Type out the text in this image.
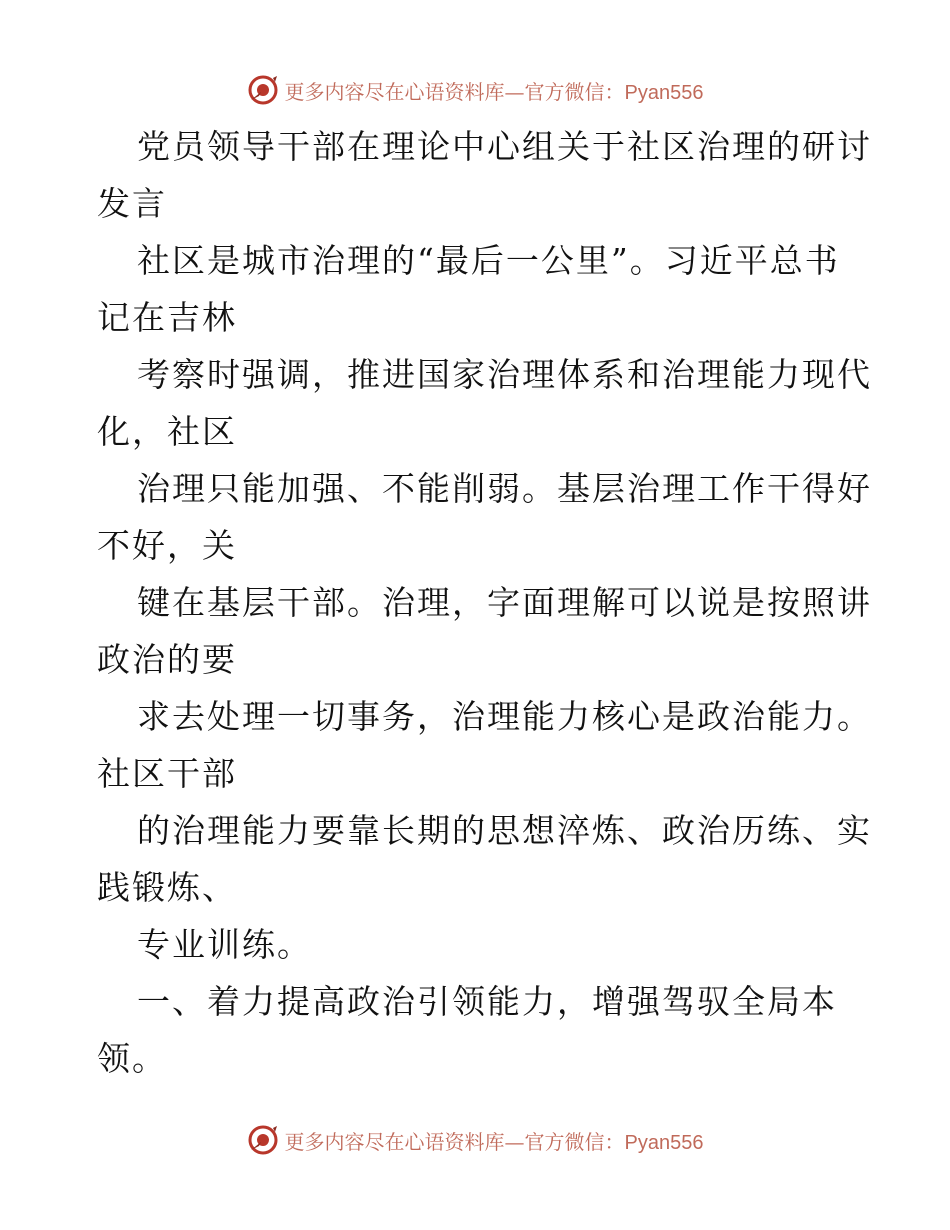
更多内容尽在心语资料库—官方微信：Pyan556

党员领导干部在理论中心组关于社区治理的研讨
发言

社区是城市治理的“最后一公里”。习近平总书
记在吉林

考察时强调，推进国家治理体系和治理能力现代
化，社区

治理只能加强、不能削弱。基层治理工作干得好
不好，关

键在基层干部。治理，字面理解可以说是按照讲
政治的要

求去处理一切事务，治理能力核心是政治能力。
社区干部

的治理能力要靠长期的思想淬炼、政治历练、实
践锻炼、

专业训练。

一、着力提高政治引领能力，增强驾驭全局本
领。

更多内容尽在心语资料库—官方微信：Pyan556
